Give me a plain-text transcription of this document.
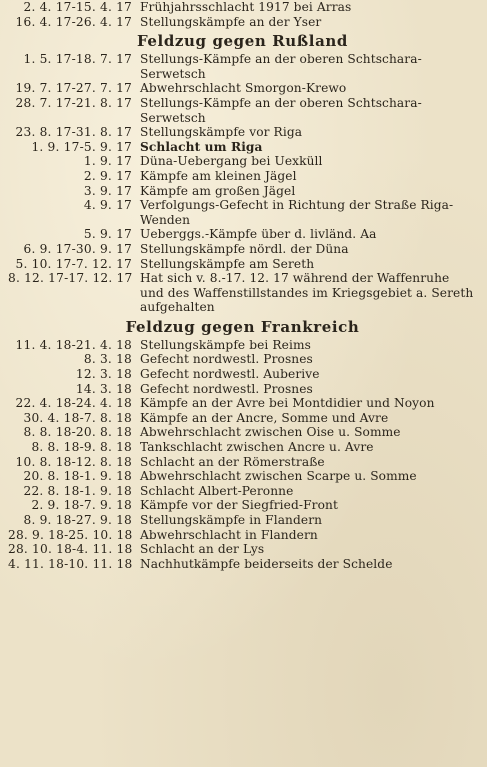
2. 4. 17-15. 4. 17 Frühjahrsschlacht 1917 bei Arras
16. 4. 17-26. 4. 17 Stellungskämpfe an der Yser
Feldzug gegen Rußland
1. 5. 17-18. 7. 17 Stellungs-Kämpfe an der oberen Schtschara-Serwetsch
19. 7. 17-27. 7. 17 Abwehrschlacht Smorgon-Krewo
28. 7. 17-21. 8. 17 Stellungs-Kämpfe an der oberen Schtschara-Serwetsch
23. 8. 17-31. 8. 17 Stellungskämpfe vor Riga
1. 9. 17-5. 9. 17 Schlacht um Riga
1. 9. 17 Düna-Uebergang bei Uexküll
2. 9. 17 Kämpfe am kleinen Jägel
3. 9. 17 Kämpfe am großen Jägel
4. 9. 17 Verfolgungs-Gefecht in Richtung der Straße Riga-Wenden
5. 9. 17 Ueberggs.-Kämpfe über d. livländ. Aa
6. 9. 17-30. 9. 17 Stellungskämpfe nördl. der Düna
5. 10. 17-7. 12. 17 Stellungskämpfe am Sereth
8. 12. 17-17. 12. 17 Hat sich v. 8.-17. 12. 17 während der Waffenruhe und des Waffenstillstandes im Kriegsgebiet a. Sereth aufgehalten
Feldzug gegen Frankreich
11. 4. 18-21. 4. 18 Stellungskämpfe bei Reims
8. 3. 18 Gefecht nordwestl. Prosnes
12. 3. 18 Gefecht nordwestl. Auberive
14. 3. 18 Gefecht nordwestl. Prosnes
22. 4. 18-24. 4. 18 Kämpfe an der Avre bei Montdidier und Noyon
30. 4. 18-7. 8. 18 Kämpfe an der Ancre, Somme und Avre
8. 8. 18-20. 8. 18 Abwehrschlacht zwischen Oise u. Somme
8. 8. 18-9. 8. 18 Tankschlacht zwischen Ancre u. Avre
10. 8. 18-12. 8. 18 Schlacht an der Römerstraße
20. 8. 18-1. 9. 18 Abwehrschlacht zwischen Scarpe u. Somme
22. 8. 18-1. 9. 18 Schlacht Albert-Peronne
2. 9. 18-7. 9. 18 Kämpfe vor der Siegfried-Front
8. 9. 18-27. 9. 18 Stellungskämpfe in Flandern
28. 9. 18-25. 10. 18 Abwehrschlacht in Flandern
28. 10. 18-4. 11. 18 Schlacht an der Lys
4. 11. 18-10. 11. 18 Nachhutkämpfe beiderseits der Schelde
